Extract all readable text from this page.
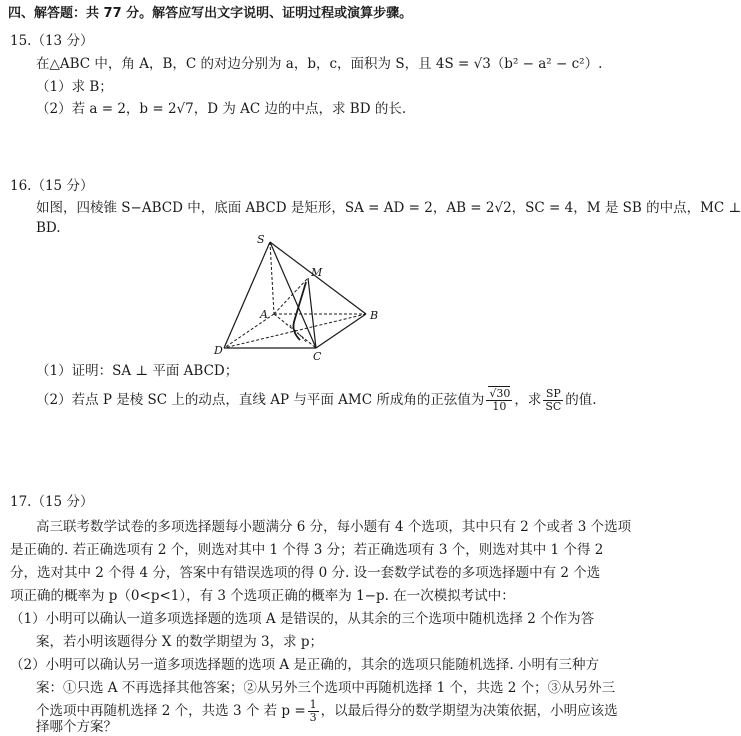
四、解答题：共 77 分。解答应写出文字说明、证明过程或演算步骤。
15.（13 分）
在△ABC 中，角 A，B，C 的对边分别为 a，b，c，面积为 S，且 4S = √3（b² − a² − c²）.
（1）求 B；
（2）若 a = 2，b = 2√7，D 为 AC 边的中点，求 BD 的长.
16.（15 分）
如图，四棱锥 S−ABCD 中，底面 ABCD 是矩形，SA = AD = 2，AB = 2√2，SC = 4，M 是 SB 的中点，MC ⊥
BD.
S
M
A	B
C
D
（1）证明：SA ⊥ 平面 ABCD；
（2）若点 P 是棱 SC 上的动点，直线 AP 与平面 AMC 所成角的正弦值为 $\frac{√30}{10}$ ，求 $\frac{SP}{SC}$ 的值.
17.（15 分）
高三联考数学试卷的多项选择题每小题满分 6 分，每小题有 4 个选项，其中只有 2 个或者 3 个选项
是正确的. 若正确选项有 2 个，则选对其中 1 个得 3 分；若正确选项有 3 个，则选对其中 1 个得 2
分，选对其中 2 个得 4 分，答案中有错误选项的得 0 分. 设一套数学试卷的多项选择题中有 2 个选
项正确的概率为 p（0<p<1），有 3 个选项正确的概率为 1−p. 在一次模拟考试中：
（1）小明可以确认一道多项选择题的选项 A 是错误的，从其余的三个选项中随机选择 2 个作为答
案，若小明该题得分 X 的数学期望为 3，求 p；
（2）小明可以确认另一道多项选择题的选项 A 是正确的，其余的选项只能随机选择. 小明有三种方
案：①只选 A 不再选择其他答案；②从另外三个选项中再随机选择 1 个，共选 2 个；③从另外三
个选项中再随机选择 2 个，共选 3 个 若 $p = \frac{1}{3}$ ，以最后得分的数学期望为决策依据，小明应该选
择哪个方案？
